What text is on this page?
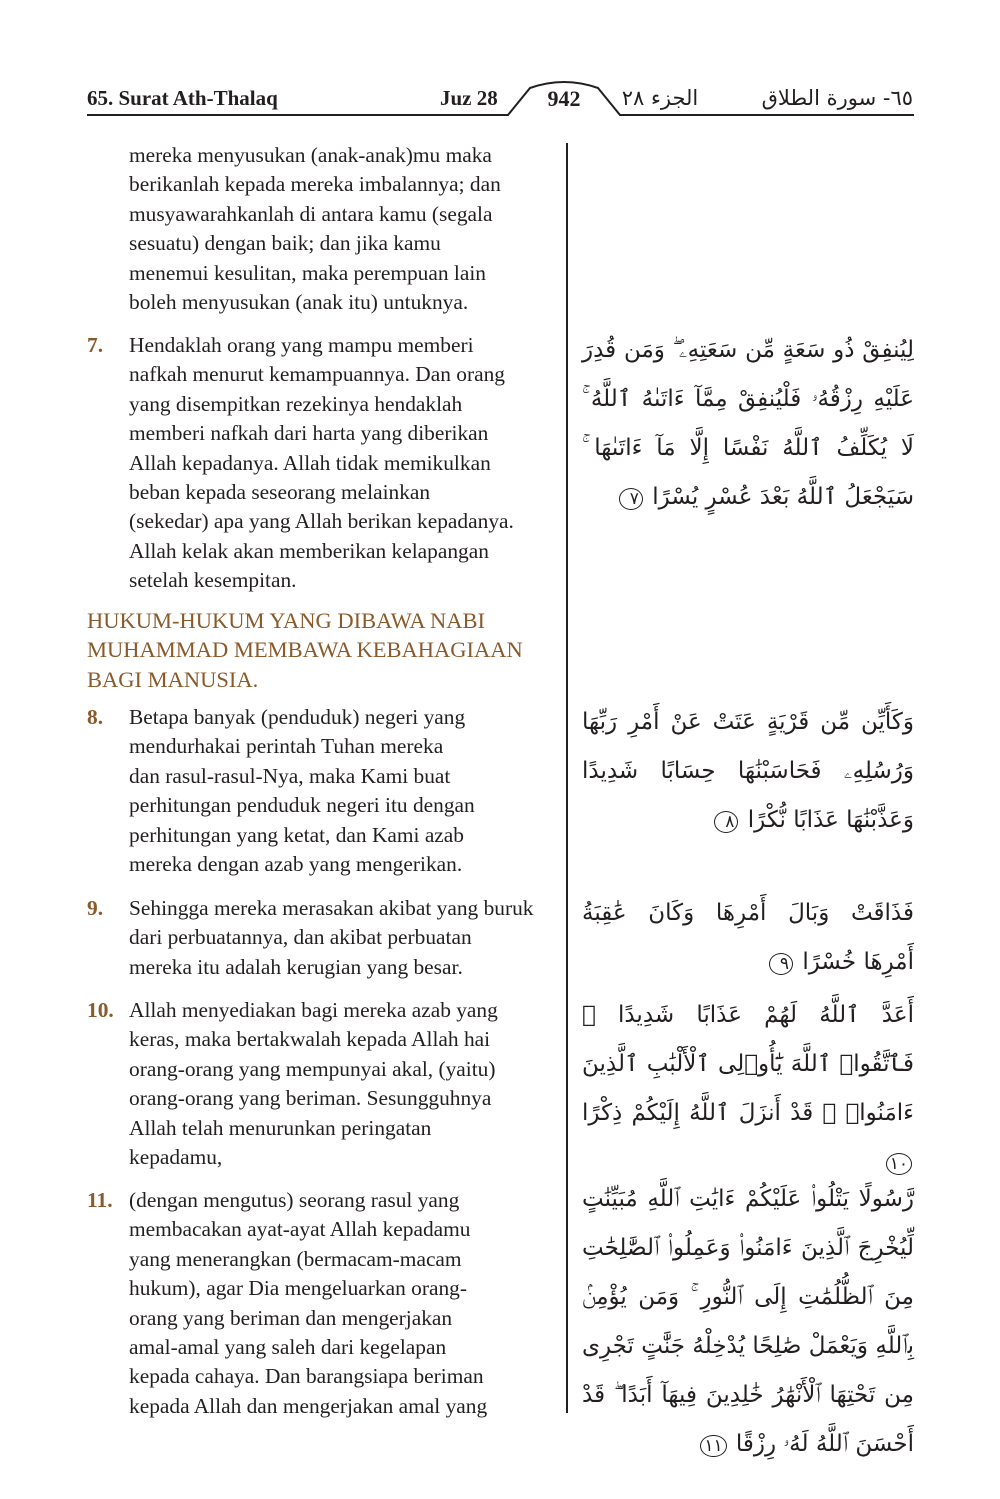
65. Surat Ath-Thalaq	Juz 28	942	الجزء ٢٨	٦٥- سورة الطلاق
mereka menyusukan (anak-anak)mu maka
berikanlah kepada mereka imbalannya; dan
musyawarahkanlah di antara kamu (segala
sesuatu) dengan baik; dan jika kamu
menemui kesulitan, maka perempuan lain
boleh menyusukan (anak itu) untuknya.
7. Hendaklah orang yang mampu memberi
nafkah menurut kemampuannya. Dan orang
yang disempitkan rezekinya hendaklah
memberi nafkah dari harta yang diberikan
Allah kepadanya. Allah tidak memikulkan
beban kepada seseorang melainkan
(sekedar) apa yang Allah berikan kepadanya.
Allah kelak akan memberikan kelapangan
setelah kesempitan.
لِيُنفِقْ ذُو سَعَةٍ مِّن سَعَتِهِۦ ۖ وَمَن قُدِرَ عَلَيْهِ رِزْقُهُۥ فَلْيُنفِقْ مِمَّآ ءَاتَىٰهُ ٱللَّهُ ۚ لَا يُكَلِّفُ ٱللَّهُ نَفْسًا إِلَّا مَآ ءَاتَىٰهَا ۚ سَيَجْعَلُ ٱللَّهُ بَعْدَ عُسْرٍ يُسْرًا ٧
HUKUM-HUKUM YANG DIBAWA NABI
MUHAMMAD MEMBAWA KEBAHAGIAAN
BAGI MANUSIA.
8. Betapa banyak (penduduk) negeri yang
mendurhakai perintah Tuhan mereka
dan rasul-rasul-Nya, maka Kami buat
perhitungan penduduk negeri itu dengan
perhitungan yang ketat, dan Kami azab
mereka dengan azab yang mengerikan.
وَكَأَيِّن مِّن قَرْيَةٍ عَتَتْ عَنْ أَمْرِ رَبِّهَا وَرُسُلِهِۦ فَحَاسَبْنَٰهَا حِسَابًا شَدِيدًا وَعَذَّبْنَٰهَا عَذَابًا نُّكْرًا ٨
9. Sehingga mereka merasakan akibat yang buruk
dari perbuatannya, dan akibat perbuatan
mereka itu adalah kerugian yang besar.
فَذَاقَتْ وَبَالَ أَمْرِهَا وَكَانَ عَٰقِبَةُ أَمْرِهَا خُسْرًا ٩
10. Allah menyediakan bagi mereka azab yang
keras, maka bertakwalah kepada Allah hai
orang-orang yang mempunyai akal, (yaitu)
orang-orang yang beriman. Sesungguhnya
Allah telah menurunkan peringatan
kepadamu,
أَعَدَّ ٱللَّهُ لَهُمْ عَذَابًا شَدِيدًا ۖ فَٱتَّقُوا۟ ٱللَّهَ يَٰٓأُو۟لِى ٱلْأَلْبَٰبِ ٱلَّذِينَ ءَامَنُوا۟ ۚ قَدْ أَنزَلَ ٱللَّهُ إِلَيْكُمْ ذِكْرًا ١٠
11. (dengan mengutus) seorang rasul yang
membacakan ayat-ayat Allah kepadamu
yang menerangkan (bermacam-macam
hukum), agar Dia mengeluarkan orang-
orang yang beriman dan mengerjakan
amal-amal yang saleh dari kegelapan
kepada cahaya. Dan barangsiapa beriman
kepada Allah dan mengerjakan amal yang
رَّسُولًا يَتْلُوا۟ عَلَيْكُمْ ءَايَٰتِ ٱللَّهِ مُبَيِّنَٰتٍ لِّيُخْرِجَ ٱلَّذِينَ ءَامَنُوا۟ وَعَمِلُوا۟ ٱلصَّٰلِحَٰتِ مِنَ ٱلظُّلُمَٰتِ إِلَى ٱلنُّورِ ۚ وَمَن يُؤْمِنۢ بِٱللَّهِ وَيَعْمَلْ صَٰلِحًا يُدْخِلْهُ جَنَّٰتٍ تَجْرِى مِن تَحْتِهَا ٱلْأَنْهَٰرُ خَٰلِدِينَ فِيهَآ أَبَدًا ۖ قَدْ أَحْسَنَ ٱللَّهُ لَهُۥ رِزْقًا ١١
